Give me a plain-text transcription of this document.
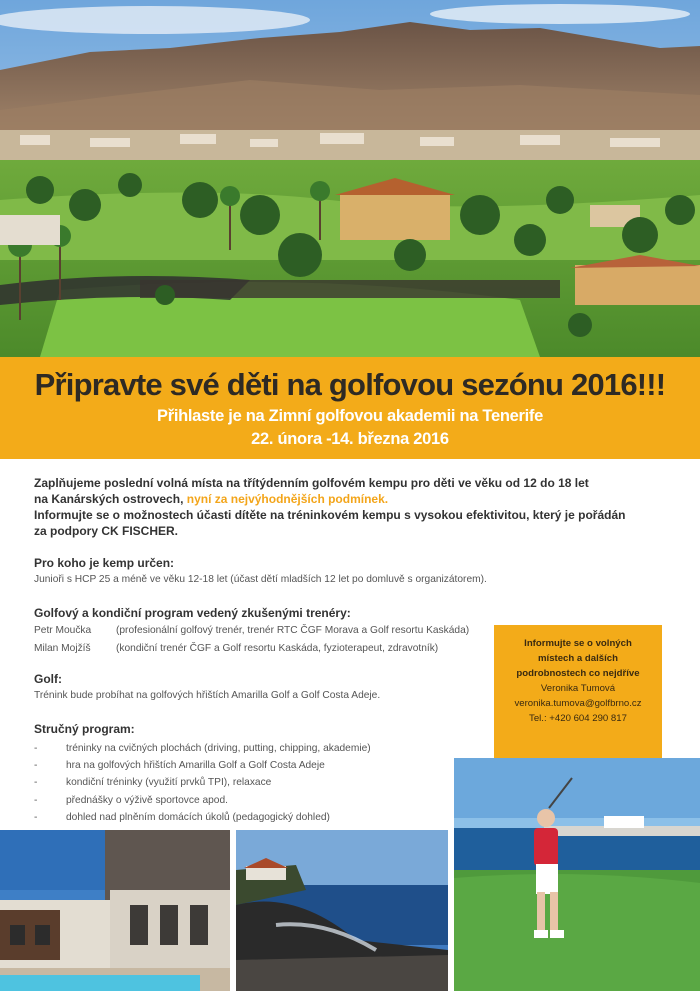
Připravte své děti na golfovou sezónu 2016!!!
Přihlaste je na Zimní golfovou akademii na Tenerife
22. února -14. března 2016
Zaplňujeme poslední volná místa na třítýdenním golfovém kempu pro děti ve věku od 12 do 18 let
na Kanárských ostrovech, nyní za nejvýhodnějších podmínek.
Informujte se o možnostech účasti dítěte na tréninkovém kempu s vysokou efektivitou, který je pořádán
za podpory CK FISCHER.
Pro koho je kemp určen:
Junioři s HCP 25 a méně ve věku 12-18 let (účast dětí mladších 12 let po domluvě s organizátorem).
Golfový a kondiční program vedený zkušenými trenéry:
Petr Moučka (profesionální golfový trenér, trenér RTC ČGF Morava a Golf resortu Kaskáda)
Milan Mojžíš (kondiční trenér ČGF a Golf resortu Kaskáda, fyzioterapeut, zdravotník)
Golf:
Trénink bude probíhat na golfových hřištích Amarilla Golf a Golf Costa Adeje.
Stručný program:
-	tréninky na cvičných plochách (driving, putting, chipping, akademie)
-	hra na golfových hřištích Amarilla Golf a Golf Costa Adeje
-	kondiční tréninky (využití prvků TPI), relaxace
-	přednášky o výživě sportovce apod.
-	dohled nad plněním domácích úkolů (pedagogický dohled)
Informujte se o volných
místech a dalších
podrobnostech co nejdříve
Veronika Tumová
veronika.tumova@golfbrno.cz
Tel.: +420 604 290 817
